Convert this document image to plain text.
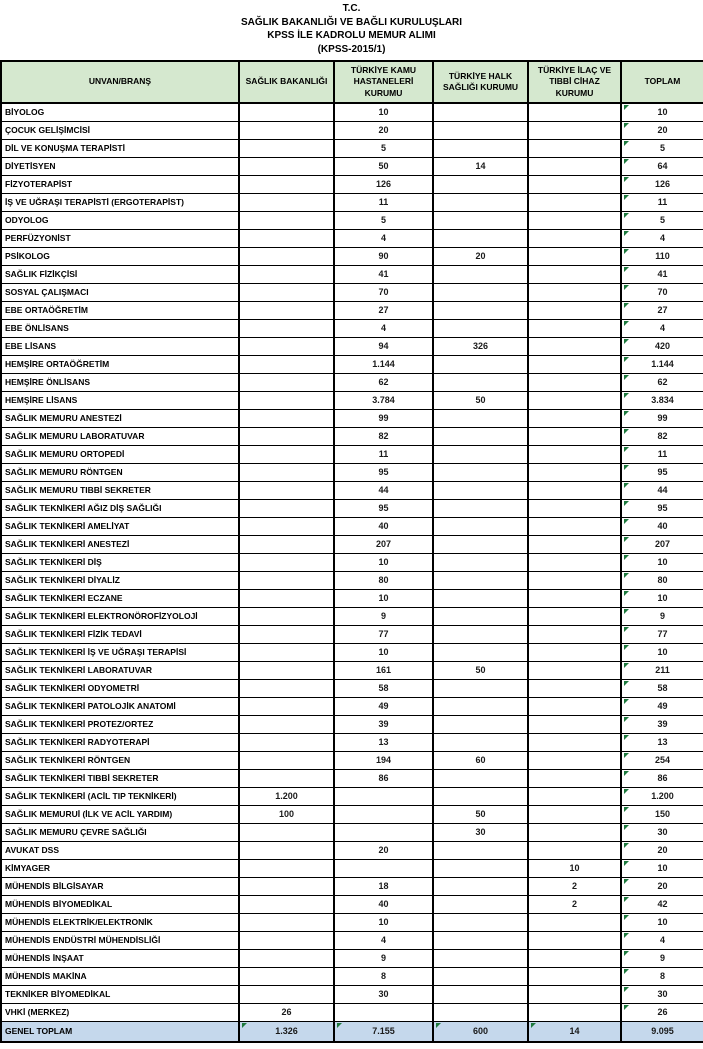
T.C.
SAĞLIK BAKANLIĞI VE BAĞLI KURULUŞLARI
KPSS İLE KADROLU MEMUR ALIMI
(KPSS-2015/1)
UNVAN/BRANŞ	SAĞLIK BAKANLIĞI	TÜRKİYE KAMU HASTANELERİ KURUMU	TÜRKİYE HALK SAĞLIĞI KURUMU	TÜRKİYE İLAÇ VE TIBBİ CİHAZ KURUMU	TOPLAM
BİYOLOG		10			10
ÇOCUK GELİŞİMCİSİ		20			20
DİL VE KONUŞMA TERAPİSTİ		5			5
DİYETİSYEN		50	14		64
FİZYOTERAPİST		126			126
İŞ VE UĞRAŞI TERAPİSTİ (ERGOTERAPİST)		11			11
ODYOLOG		5			5
PERFÜZYONİST		4			4
PSİKOLOG		90	20		110
SAĞLIK FİZİKÇİSİ		41			41
SOSYAL ÇALIŞMACI		70			70
EBE ORTAÖĞRETİM		27			27
EBE ÖNLİSANS		4			4
EBE LİSANS		94	326		420
HEMŞİRE ORTAÖĞRETİM		1.144			1.144
HEMŞİRE ÖNLİSANS		62			62
HEMŞİRE LİSANS		3.784	50		3.834
SAĞLIK MEMURU ANESTEZİ		99			99
SAĞLIK MEMURU LABORATUVAR		82			82
SAĞLIK MEMURU ORTOPEDİ		11			11
SAĞLIK MEMURU RÖNTGEN		95			95
SAĞLIK MEMURU TIBBİ SEKRETER		44			44
SAĞLIK TEKNİKERİ AĞIZ DİŞ SAĞLIĞI		95			95
SAĞLIK TEKNİKERİ AMELİYAT		40			40
SAĞLIK TEKNİKERİ ANESTEZİ		207			207
SAĞLIK TEKNİKERİ DİŞ		10			10
SAĞLIK TEKNİKERİ DİYALİZ		80			80
SAĞLIK TEKNİKERİ ECZANE		10			10
SAĞLIK TEKNİKERİ ELEKTRONÖROFİZYOLOJİ		9			9
SAĞLIK TEKNİKERİ FİZİK TEDAVİ		77			77
SAĞLIK TEKNİKERİ İŞ VE UĞRAŞI TERAPİSİ		10			10
SAĞLIK TEKNİKERİ LABORATUVAR		161	50		211
SAĞLIK TEKNİKERİ ODYOMETRİ		58			58
SAĞLIK TEKNİKERİ PATOLOJİK ANATOMİ		49			49
SAĞLIK TEKNİKERİ PROTEZ/ORTEZ		39			39
SAĞLIK TEKNİKERİ RADYOTERAPİ		13			13
SAĞLIK TEKNİKERİ RÖNTGEN		194	60		254
SAĞLIK TEKNİKERİ TIBBİ SEKRETER		86			86
SAĞLIK TEKNİKERİ (ACİL TIP TEKNİKERİ)	1.200				1.200
SAĞLIK MEMURUİ (İLK VE ACİL YARDIM)	100		50		150
SAĞLIK MEMURU ÇEVRE SAĞLIĞI			30		30
AVUKAT DSS		20			20
KİMYAGER				10	10
MÜHENDİS BİLGİSAYAR		18		2	20
MÜHENDİS BİYOMEDİKAL		40		2	42
MÜHENDİS ELEKTRİK/ELEKTRONİK		10			10
MÜHENDİS ENDÜSTRİ MÜHENDİSLİĞİ		4			4
MÜHENDİS İNŞAAT		9			9
MÜHENDİS MAKİNA		8			8
TEKNİKER BİYOMEDİKAL		30			30
VHKİ (MERKEZ)	26				26
GENEL TOPLAM	1.326	7.155	600	14	9.095
